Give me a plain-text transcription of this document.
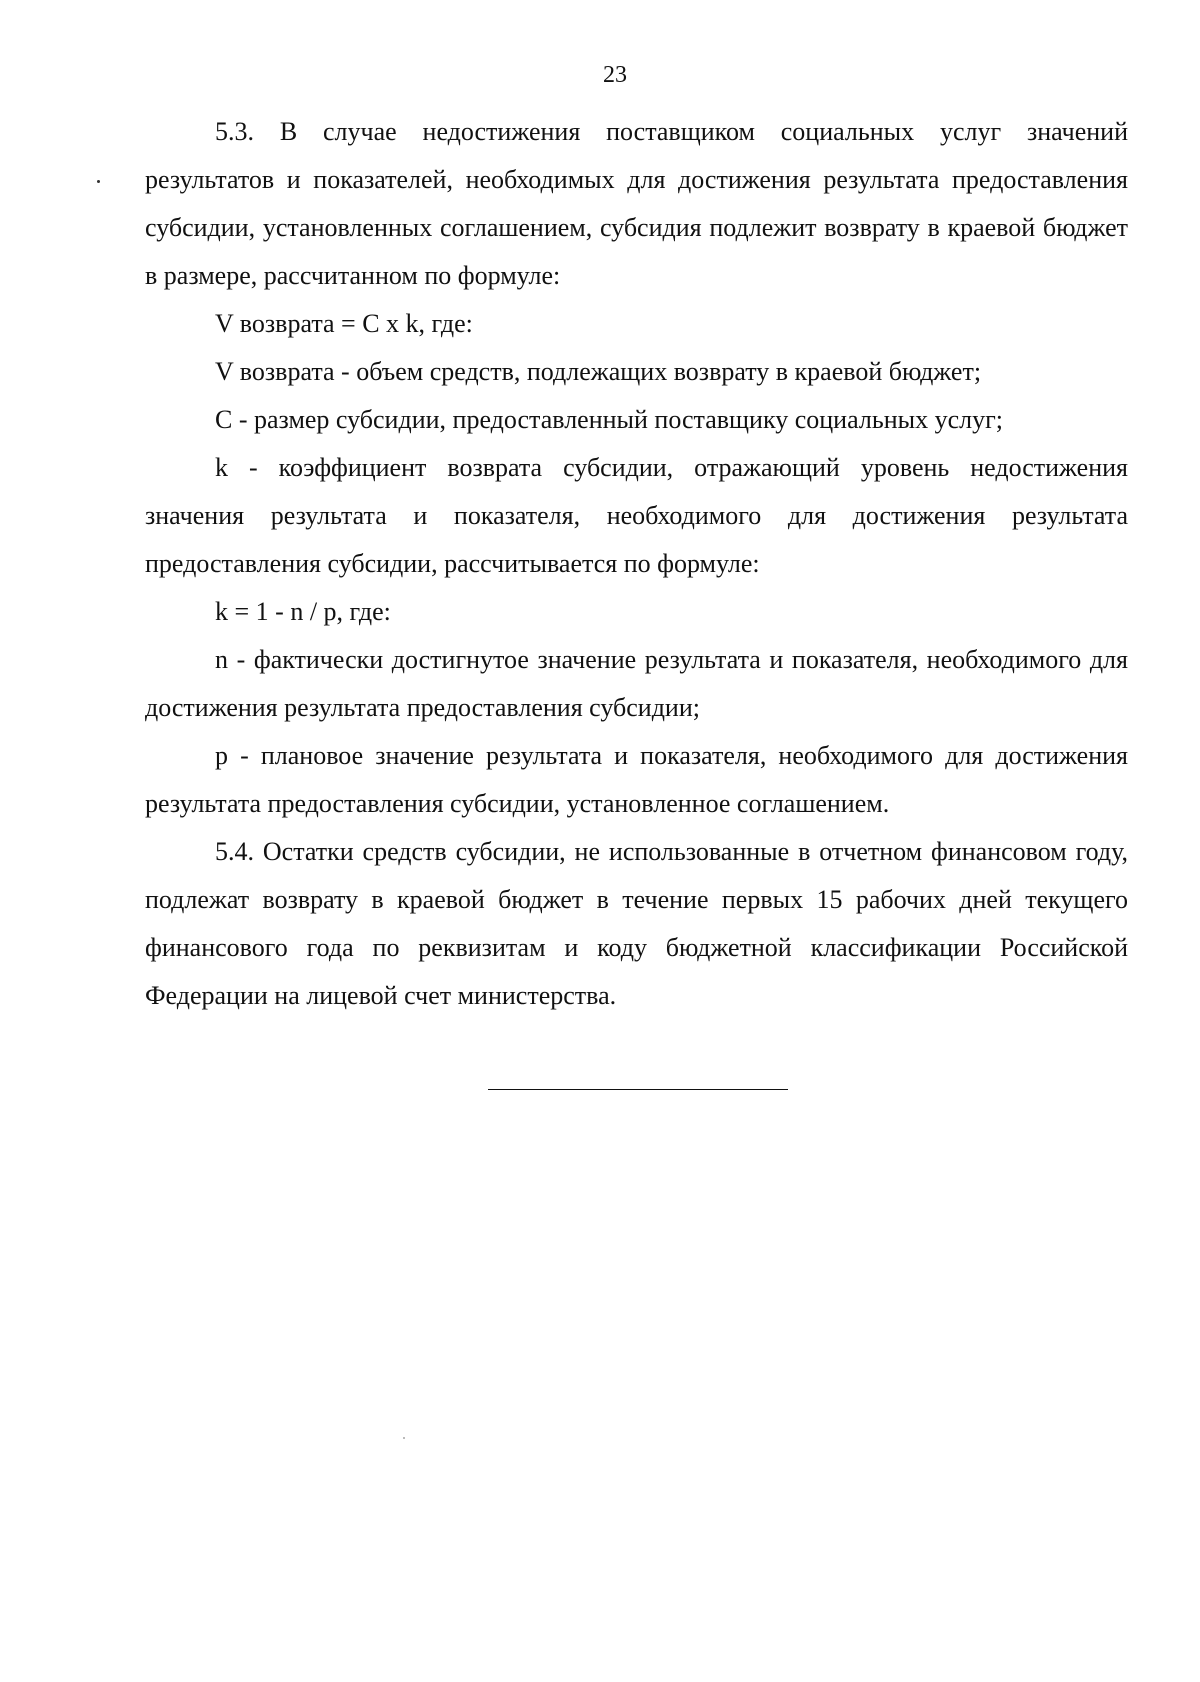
23

5.3. В случае недостижения поставщиком социальных услуг значений результатов и показателей, необходимых для достижения результата предоставления субсидии, установленных соглашением, субсидия подлежит возврату в краевой бюджет в размере, рассчитанном по формуле:

V возврата = C x k, где:

V возврата - объем средств, подлежащих возврату в краевой бюджет;

С - размер субсидии, предоставленный поставщику социальных услуг;

k - коэффициент возврата субсидии, отражающий уровень недостижения значения результата и показателя, необходимого для достижения результата предоставления субсидии, рассчитывается по формуле:

k = 1 - n / p, где:

n - фактически достигнутое значение результата и показателя, необходимого для достижения результата предоставления субсидии;

p - плановое значение результата и показателя, необходимого для достижения результата предоставления субсидии, установленное соглашением.

5.4. Остатки средств субсидии, не использованные в отчетном финансовом году, подлежат возврату в краевой бюджет в течение первых 15 рабочих дней текущего финансового года по реквизитам и коду бюджетной классификации Российской Федерации на лицевой счет министерства.
